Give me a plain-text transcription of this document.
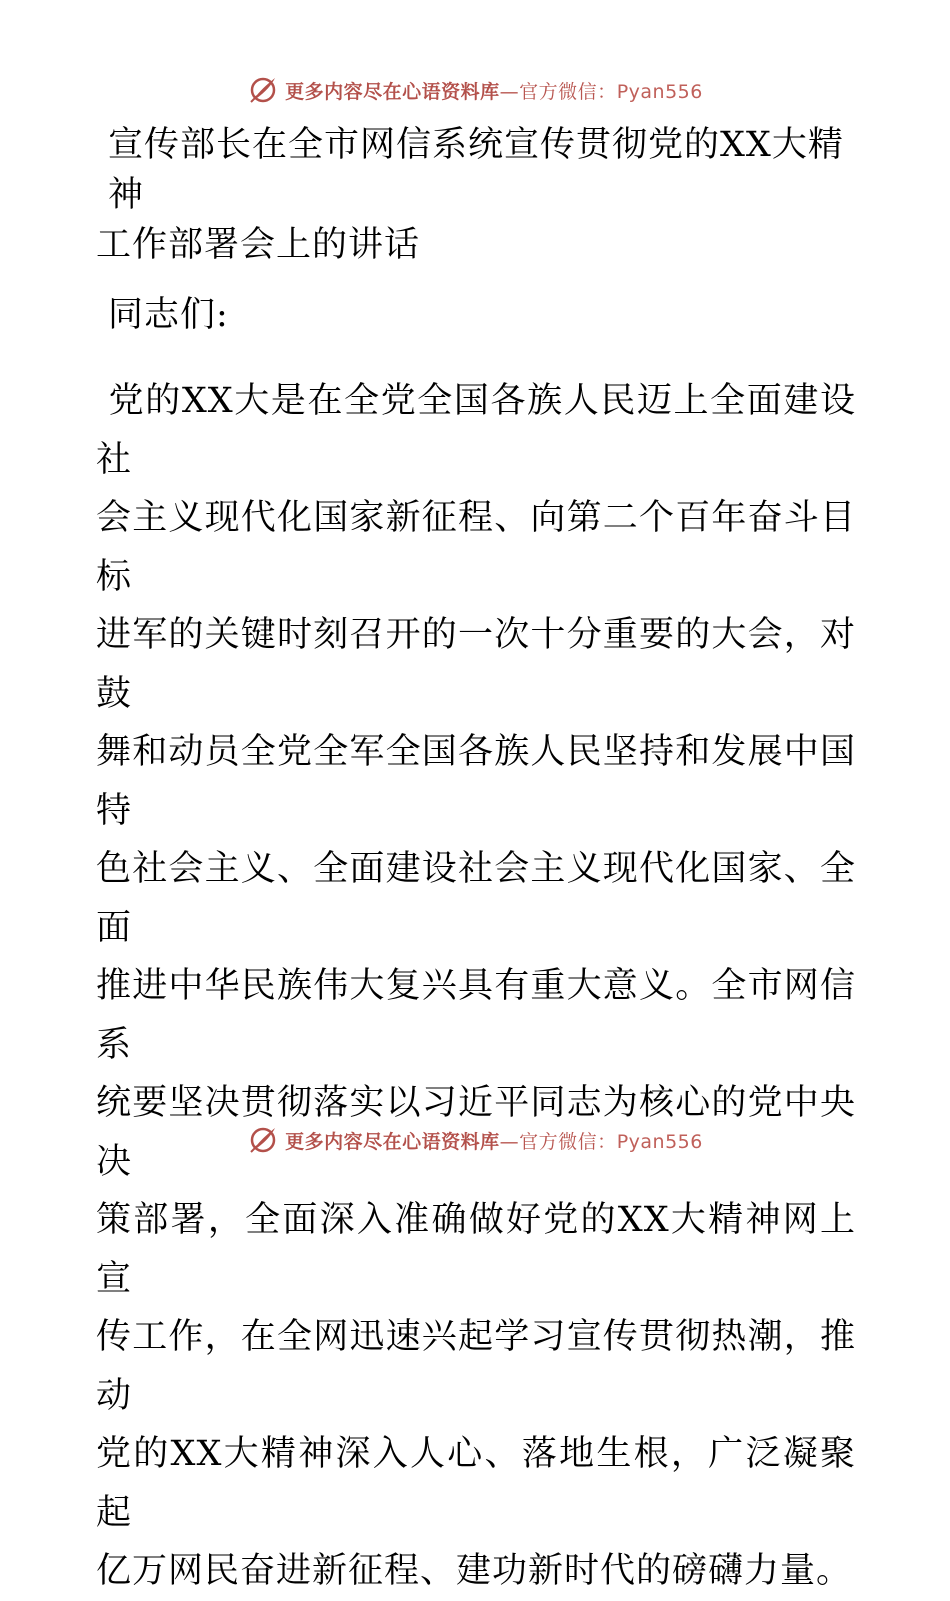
更多内容尽在心语资料库—官方微信：Pyan556
宣传部长在全市网信系统宣传贯彻党的XX大精神
工作部署会上的讲话

同志们:

党的XX大是在全党全国各族人民迈上全面建设社
会主义现代化国家新征程、向第二个百年奋斗目标
进军的关键时刻召开的一次十分重要的大会，对鼓
舞和动员全党全军全国各族人民坚持和发展中国特
色社会主义、全面建设社会主义现代化国家、全面
推进中华民族伟大复兴具有重大意义。全市网信系
统要坚决贯彻落实以习近平同志为核心的党中央决
策部署，全面深入准确做好党的XX大精神网上宣
传工作，在全网迅速兴起学习宣传贯彻热潮，推动
党的XX大精神深入人心、落地生根，广泛凝聚起
亿万网民奋进新征程、建功新时代的磅礴力量。
更多内容尽在心语资料库—官方微信：Pyan556
